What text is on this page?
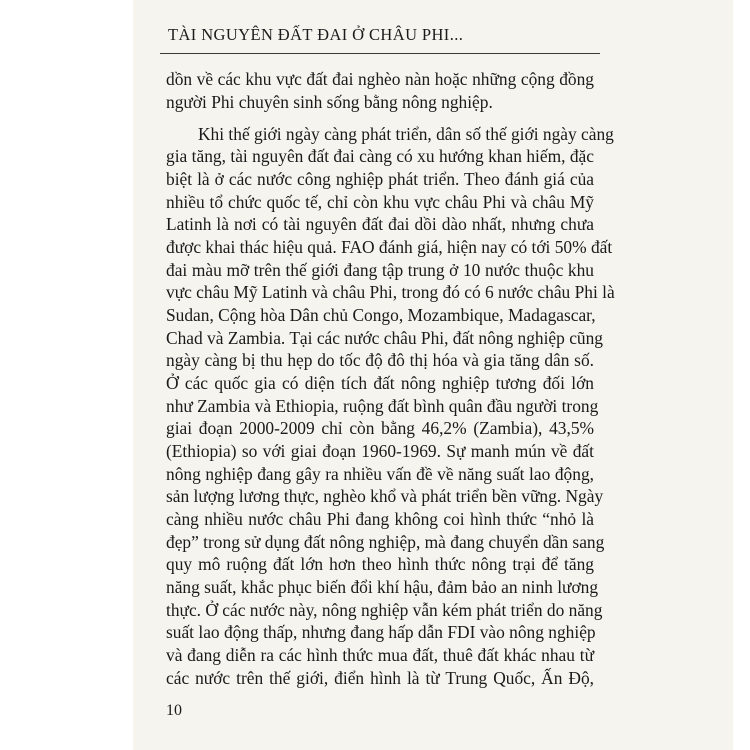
TÀI NGUYÊN ĐẤT ĐAI Ở CHÂU PHI...
dồn về các khu vực đất đai nghèo nàn hoặc những cộng đồng
người Phi chuyên sinh sống bằng nông nghiệp.
Khi thế giới ngày càng phát triển, dân số thế giới ngày càng
gia tăng, tài nguyên đất đai càng có xu hướng khan hiếm, đặc
biệt là ở các nước công nghiệp phát triển. Theo đánh giá của
nhiều tổ chức quốc tế, chỉ còn khu vực châu Phi và châu Mỹ
Latinh là nơi có tài nguyên đất đai dồi dào nhất, nhưng chưa
được khai thác hiệu quả. FAO đánh giá, hiện nay có tới 50% đất
đai màu mỡ trên thế giới đang tập trung ở 10 nước thuộc khu
vực châu Mỹ Latinh và châu Phi, trong đó có 6 nước châu Phi là
Sudan, Cộng hòa Dân chủ Congo, Mozambique, Madagascar,
Chad và Zambia. Tại các nước châu Phi, đất nông nghiệp cũng
ngày càng bị thu hẹp do tốc độ đô thị hóa và gia tăng dân số.
Ở các quốc gia có diện tích đất nông nghiệp tương đối lớn
như Zambia và Ethiopia, ruộng đất bình quân đầu người trong
giai đoạn 2000-2009 chỉ còn bằng 46,2% (Zambia), 43,5%
(Ethiopia) so với giai đoạn 1960-1969. Sự manh mún về đất
nông nghiệp đang gây ra nhiều vấn đề về năng suất lao động,
sản lượng lương thực, nghèo khổ và phát triển bền vững. Ngày
càng nhiều nước châu Phi đang không coi hình thức “nhỏ là
đẹp” trong sử dụng đất nông nghiệp, mà đang chuyển dần sang
quy mô ruộng đất lớn hơn theo hình thức nông trại để tăng
năng suất, khắc phục biến đổi khí hậu, đảm bảo an ninh lương
thực. Ở các nước này, nông nghiệp vẫn kém phát triển do năng
suất lao động thấp, nhưng đang hấp dẫn FDI vào nông nghiệp
và đang diễn ra các hình thức mua đất, thuê đất khác nhau từ
các nước trên thế giới, điển hình là từ Trung Quốc, Ấn Độ,
10
